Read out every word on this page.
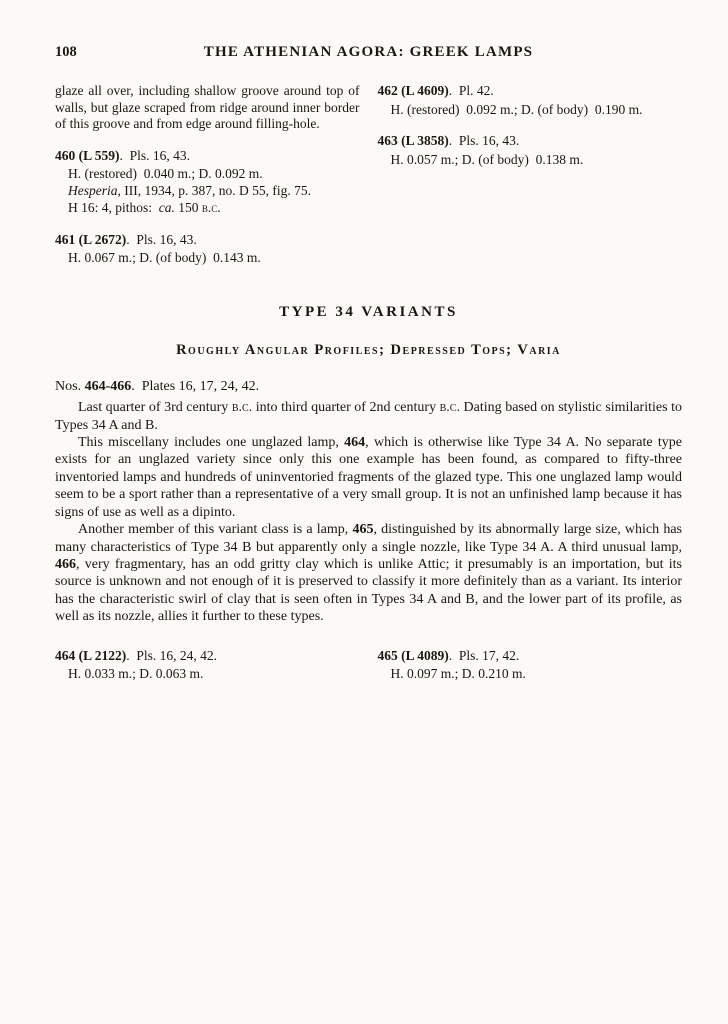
108	THE ATHENIAN AGORA: GREEK LAMPS

glaze all over, including shallow groove around top of walls, but glaze scraped from ridge around inner border of this groove and from edge around filling-hole.

460 (L 559). Pls. 16, 43.

H. (restored) 0.040 m.; D. 0.092 m.

Hesperia, III, 1934, p. 387, no. D 55, fig. 75.

H 16: 4, pithos: ca. 150 b.c.

461 (L 2672). Pls. 16, 43.

H. 0.067 m.; D. (of body) 0.143 m.

462 (L 4609). Pl. 42.

H. (restored) 0.092 m.; D. (of body) 0.190 m.

463 (L 3858). Pls. 16, 43.

H. 0.057 m.; D. (of body) 0.138 m.

TYPE 34 VARIANTS
Roughly Angular Profiles; Depressed Tops; Varia

Nos. 464-466. Plates 16, 17, 24, 42.

Last quarter of 3rd century b.c. into third quarter of 2nd century b.c. Dating based on stylistic similarities to Types 34 A and B.

This miscellany includes one unglazed lamp, 464, which is otherwise like Type 34 A. No separate type exists for an unglazed variety since only this one example has been found, as compared to fifty-three inventoried lamps and hundreds of uninventoried fragments of the glazed type. This one unglazed lamp would seem to be a sport rather than a representative of a very small group. It is not an unfinished lamp because it has signs of use as well as a dipinto.

Another member of this variant class is a lamp, 465, distinguished by its abnormally large size, which has many characteristics of Type 34 B but apparently only a single nozzle, like Type 34 A. A third unusual lamp, 466, very fragmentary, has an odd gritty clay which is unlike Attic; it presumably is an importation, but its source is unknown and not enough of it is preserved to classify it more definitely than as a variant. Its interior has the characteristic swirl of clay that is seen often in Types 34 A and B, and the lower part of its profile, as well as its nozzle, allies it further to these types.

464 (L 2122). Pls. 16, 24, 42.

H. 0.033 m.; D. 0.063 m.

465 (L 4089). Pls. 17, 42.

H. 0.097 m.; D. 0.210 m.
